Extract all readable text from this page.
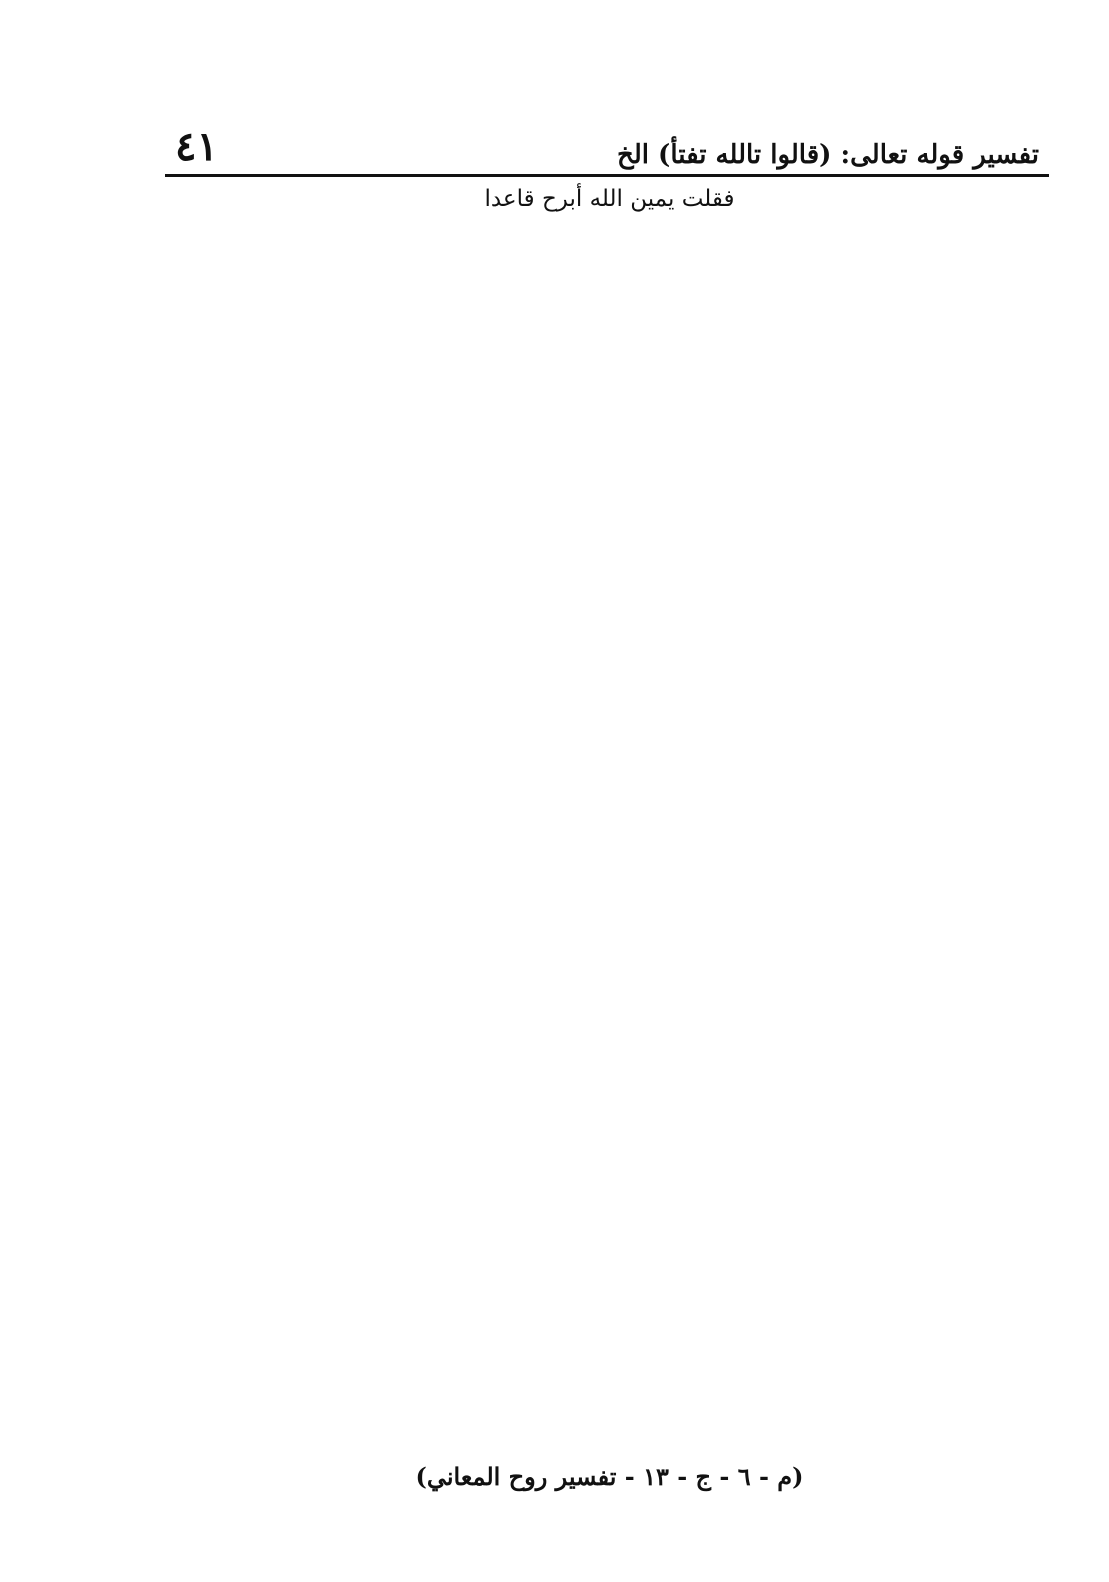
تفسير قوله تعالى: (قالوا تالله تفتأ) الخ
٤١
فقلت يمين الله أبرح قاعدا
(م - ٦ - ج - ١٣ - تفسير روح المعاني)
